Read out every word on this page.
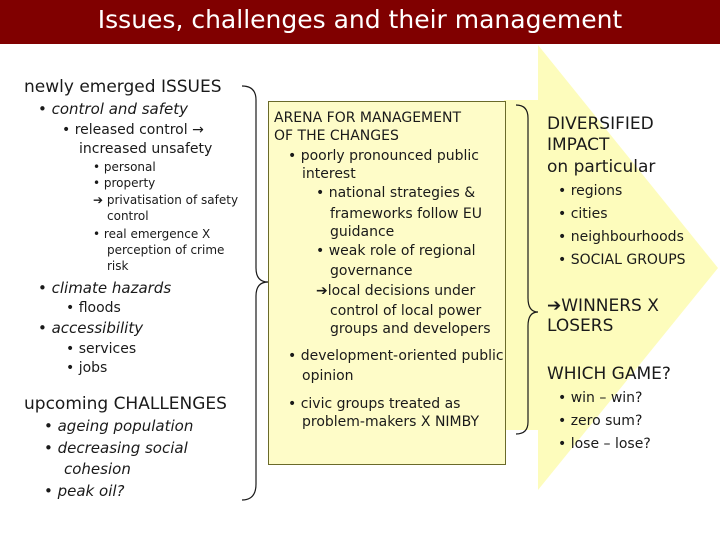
Issues, challenges and their management
newly emerged ISSUES
• control and safety
• released control →
increased unsafety
• personal
• property
➔ privatisation of safety
control
• real emergence X
perception of crime
risk
• climate hazards
• floods
• accessibility
• services
• jobs
upcoming CHALLENGES
• ageing population
• decreasing social
cohesion
• peak oil?
ARENA FOR MANAGEMENT
OF THE CHANGES
• poorly pronounced public
interest
• national strategies &
frameworks follow EU
guidance
• weak role of regional
governance
➔local decisions under
control of local power
groups and developers
• development-oriented public
opinion
• civic groups treated as
problem-makers X NIMBY
DIVERSIFIED
IMPACT
on particular
• regions
• cities
• neighbourhoods
• SOCIAL GROUPS
➔WINNERS X
LOSERS
WHICH GAME?
• win – win?
• zero sum?
• lose – lose?
